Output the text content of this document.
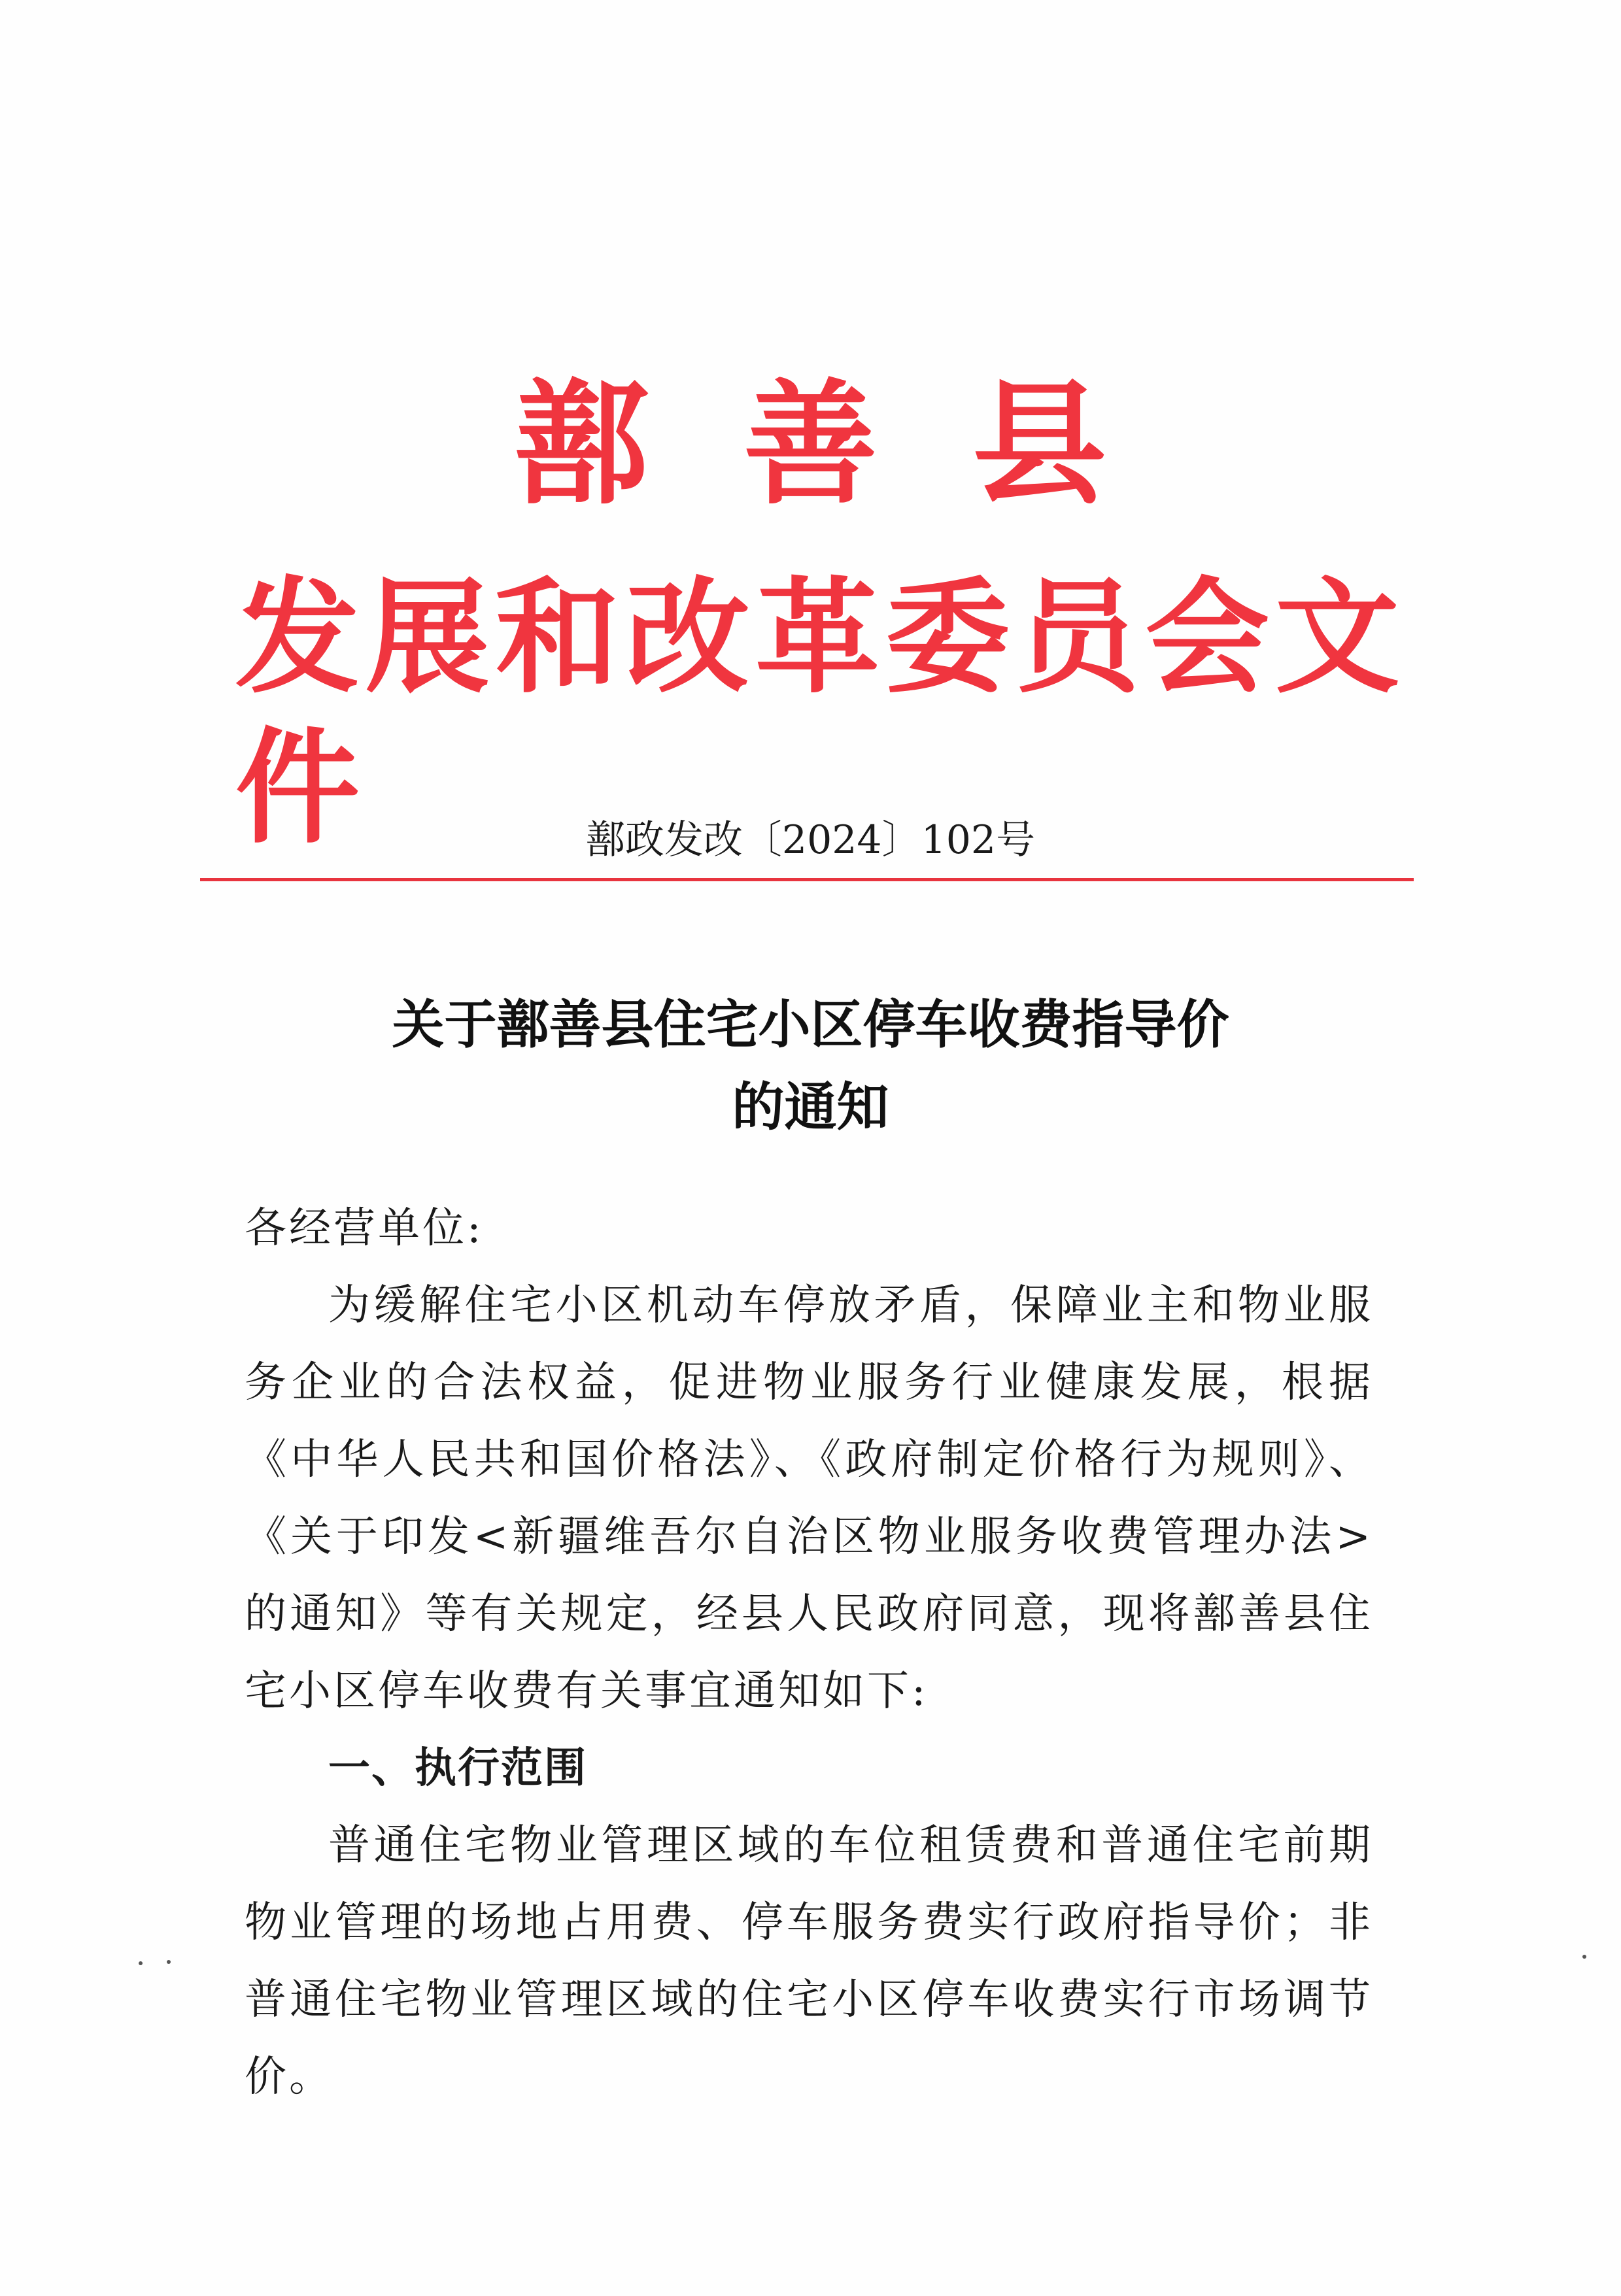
鄯善县
发展和改革委员会文件	鄯政发改〔2024〕102号
关于鄯善县住宅小区停车收费指导价
的通知

各经营单位:

为缓解住宅小区机动车停放矛盾，保障业主和物业服务企业的合法权益，促进物业服务行业健康发展，根据《中华人民共和国价格法》、《政府制定价格行为规则》、《关于印发<新疆维吾尔自治区物业服务收费管理办法>的通知》等有关规定，经县人民政府同意，现将鄯善县住宅小区停车收费有关事宜通知如下:

一、执行范围

普通住宅物业管理区域的车位租赁费和普通住宅前期物业管理的场地占用费、停车服务费实行政府指导价；非普通住宅物业管理区域的住宅小区停车收费实行市场调节价。
